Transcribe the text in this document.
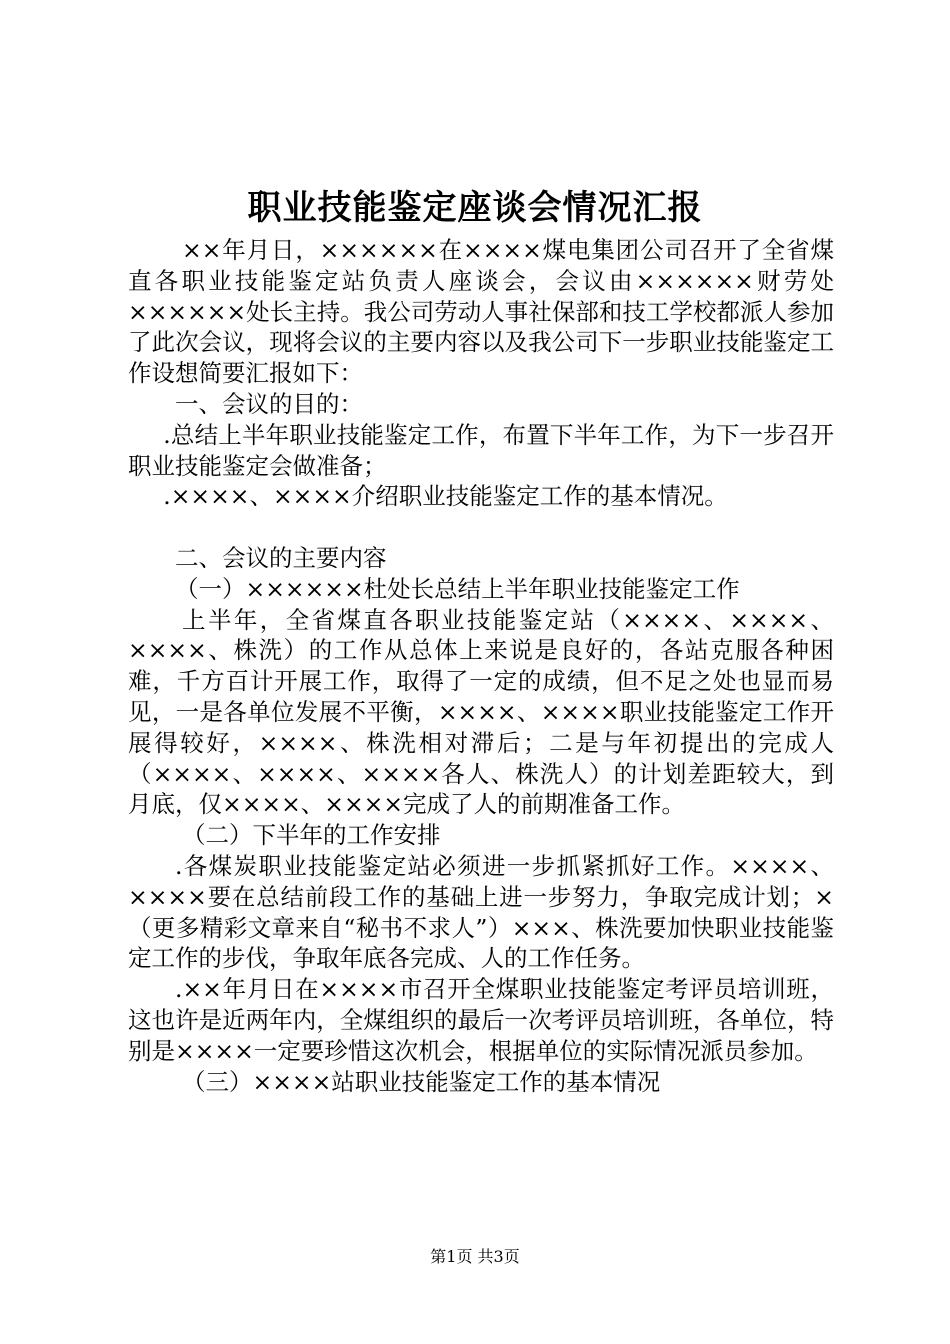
职业技能鉴定座谈会情况汇报

××年月日，××××××在××××煤电集团公司召开了全省煤直各职业技能鉴定站负责人座谈会，会议由××××××财劳处××××××处长主持。我公司劳动人事社保部和技工学校都派人参加了此次会议，现将会议的主要内容以及我公司下一步职业技能鉴定工作设想简要汇报如下：

一、会议的目的：

.总结上半年职业技能鉴定工作，布置下半年工作，为下一步召开职业技能鉴定会做准备；

.××××、××××介绍职业技能鉴定工作的基本情况。

二、会议的主要内容

（一）××××××杜处长总结上半年职业技能鉴定工作

上半年，全省煤直各职业技能鉴定站（××××、××××、××××、株洗）的工作从总体上来说是良好的，各站克服各种困难，千方百计开展工作，取得了一定的成绩，但不足之处也显而易见，一是各单位发展不平衡，××××、××××职业技能鉴定工作开展得较好，××××、株洗相对滞后；二是与年初提出的完成人（××××、××××、××××各人、株洗人）的计划差距较大，到月底，仅××××、××××完成了人的前期准备工作。

（二）下半年的工作安排

.各煤炭职业技能鉴定站必须进一步抓紧抓好工作。××××、××××要在总结前段工作的基础上进一步努力，争取完成计划；×（更多精彩文章来自“秘书不求人”）×××、株洗要加快职业技能鉴定工作的步伐，争取年底各完成、人的工作任务。

.××年月日在××××市召开全煤职业技能鉴定考评员培训班，这也许是近两年内，全煤组织的最后一次考评员培训班，各单位，特别是××××一定要珍惜这次机会，根据单位的实际情况派员参加。

（三）××××站职业技能鉴定工作的基本情况

第1页 共3页
